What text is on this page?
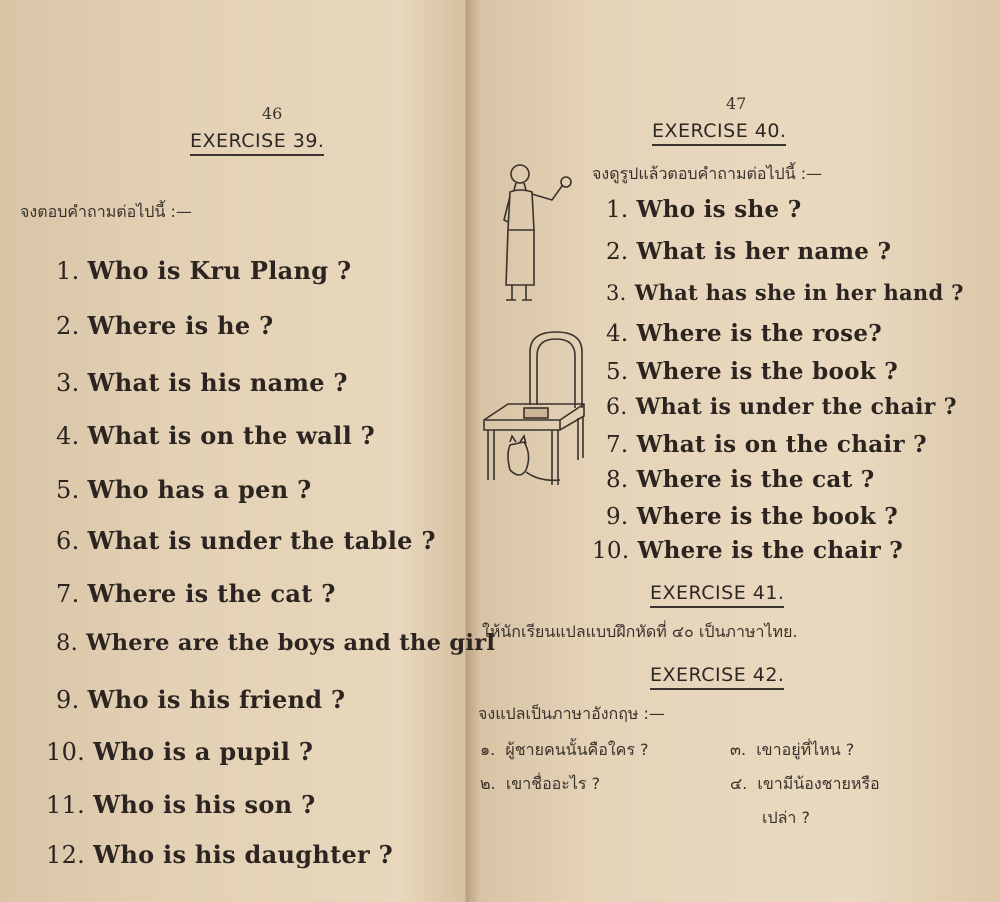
46
EXERCISE 39.
จงตอบคำถามต่อไปนี้ :—
1. Who is Kru Plang ?
2. Where is he ?
3. What is his name ?
4. What is on the wall ?
5. Who has a pen ?
6. What is under the table ?
7. Where is the cat ?
8. Where are the boys and the girl
9. Who is his friend ?
10. Who is a pupil ?
11. Who is his son ?
12. Who is his daughter ?
47
EXERCISE 40.
จงดูรูปแล้วตอบคำถามต่อไปนี้ :—
1. Who is she ?
2. What is her name ?
3. What has she in her hand ?
4. Where is the rose?
5. Where is the book ?
6. What is under the chair ?
7. What is on the chair ?
8. Where is the cat ?
9. Where is the book ?
10. Where is the chair ?
EXERCISE 41.
ให้นักเรียนแปลแบบฝึกหัดที่ ๔๐ เป็นภาษาไทย.
EXERCISE 42.
จงแปลเป็นภาษาอังกฤษ :—
๑. ผู้ชายคนนั้นคือใคร ?	๓. เขาอยู่ที่ไหน ?
๒. เขาชื่ออะไร ?	๔. เขามีน้องชายหรือ
เปล่า ?
